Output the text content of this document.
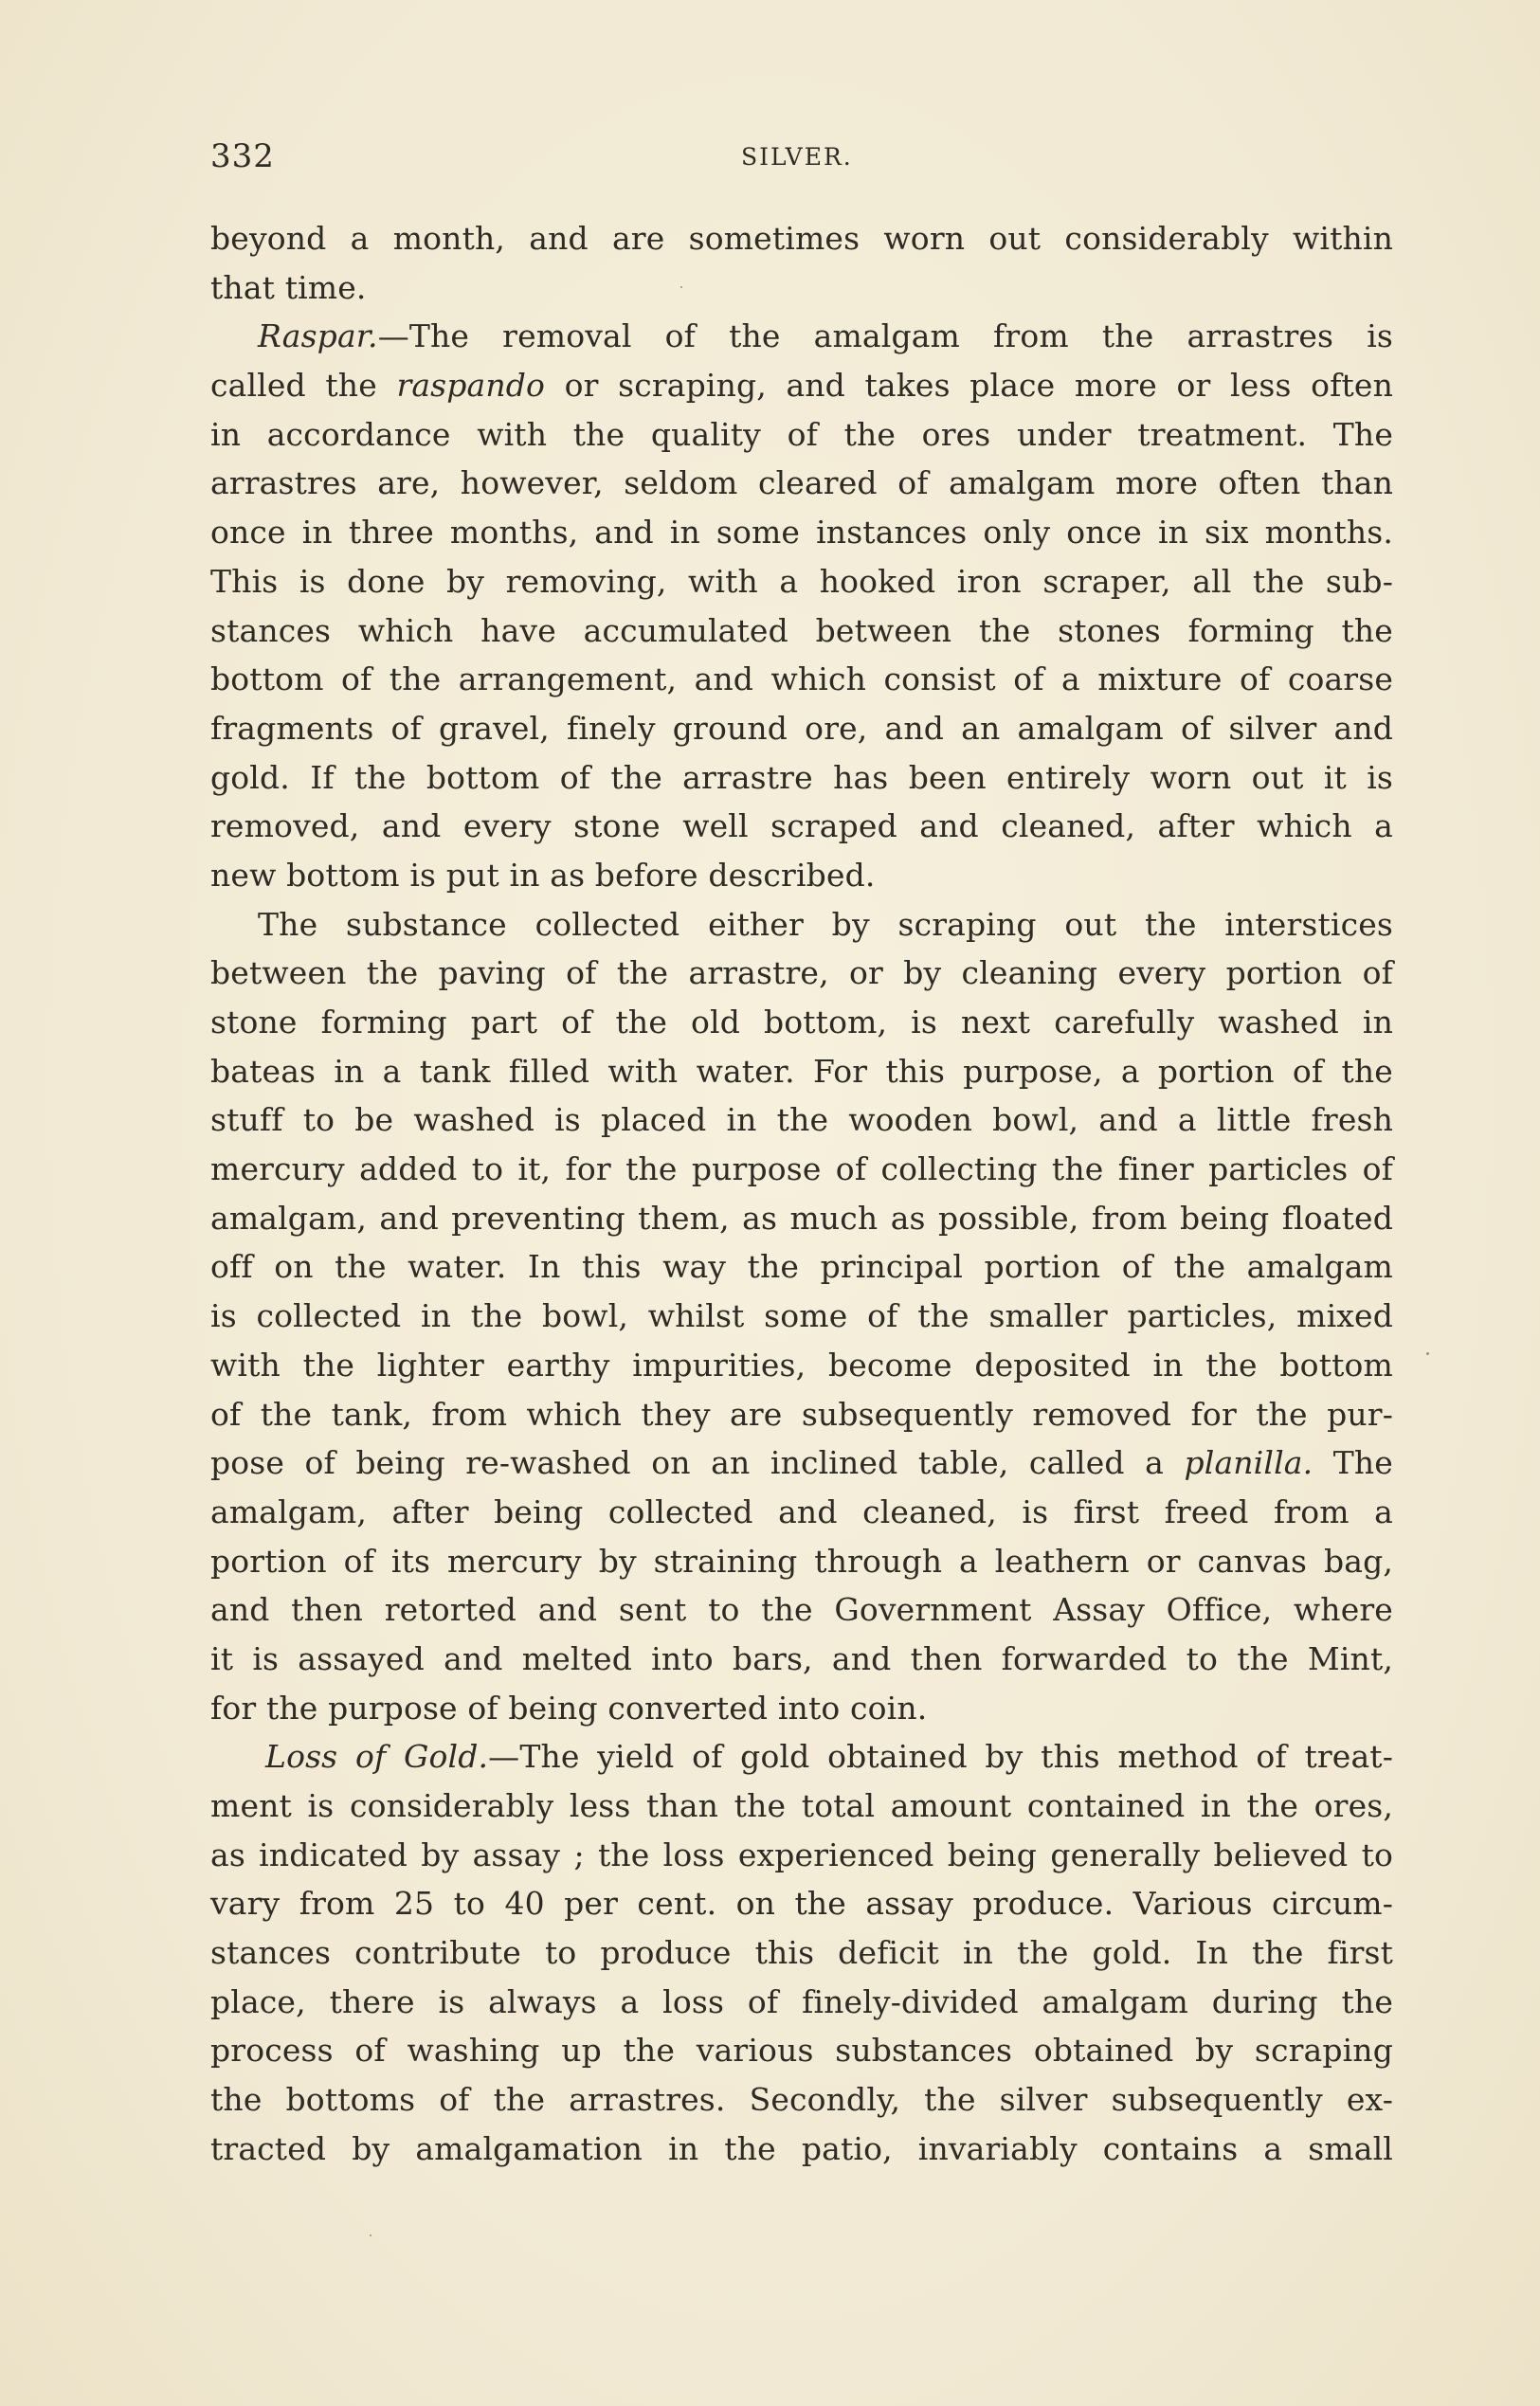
332	SILVER.
beyond a month, and are sometimes worn out considerably within
that time.
Raspar.—The removal of the amalgam from the arrastres is
called the raspando or scraping, and takes place more or less often
in accordance with the quality of the ores under treatment. The
arrastres are, however, seldom cleared of amalgam more often than
once in three months, and in some instances only once in six months.
This is done by removing, with a hooked iron scraper, all the sub-
stances which have accumulated between the stones forming the
bottom of the arrangement, and which consist of a mixture of coarse
fragments of gravel, finely ground ore, and an amalgam of silver and
gold. If the bottom of the arrastre has been entirely worn out it is
removed, and every stone well scraped and cleaned, after which a
new bottom is put in as before described.
The substance collected either by scraping out the interstices
between the paving of the arrastre, or by cleaning every portion of
stone forming part of the old bottom, is next carefully washed in
bateas in a tank filled with water. For this purpose, a portion of the
stuff to be washed is placed in the wooden bowl, and a little fresh
mercury added to it, for the purpose of collecting the finer particles of
amalgam, and preventing them, as much as possible, from being floated
off on the water. In this way the principal portion of the amalgam
is collected in the bowl, whilst some of the smaller particles, mixed
with the lighter earthy impurities, become deposited in the bottom
of the tank, from which they are subsequently removed for the pur-
pose of being re-washed on an inclined table, called a planilla. The
amalgam, after being collected and cleaned, is first freed from a
portion of its mercury by straining through a leathern or canvas bag,
and then retorted and sent to the Government Assay Office, where
it is assayed and melted into bars, and then forwarded to the Mint,
for the purpose of being converted into coin.
Loss of Gold.—The yield of gold obtained by this method of treat-
ment is considerably less than the total amount contained in the ores,
as indicated by assay ; the loss experienced being generally believed to
vary from 25 to 40 per cent. on the assay produce. Various circum-
stances contribute to produce this deficit in the gold. In the first
place, there is always a loss of finely-divided amalgam during the
process of washing up the various substances obtained by scraping
the bottoms of the arrastres. Secondly, the silver subsequently ex-
tracted by amalgamation in the patio, invariably contains a small
